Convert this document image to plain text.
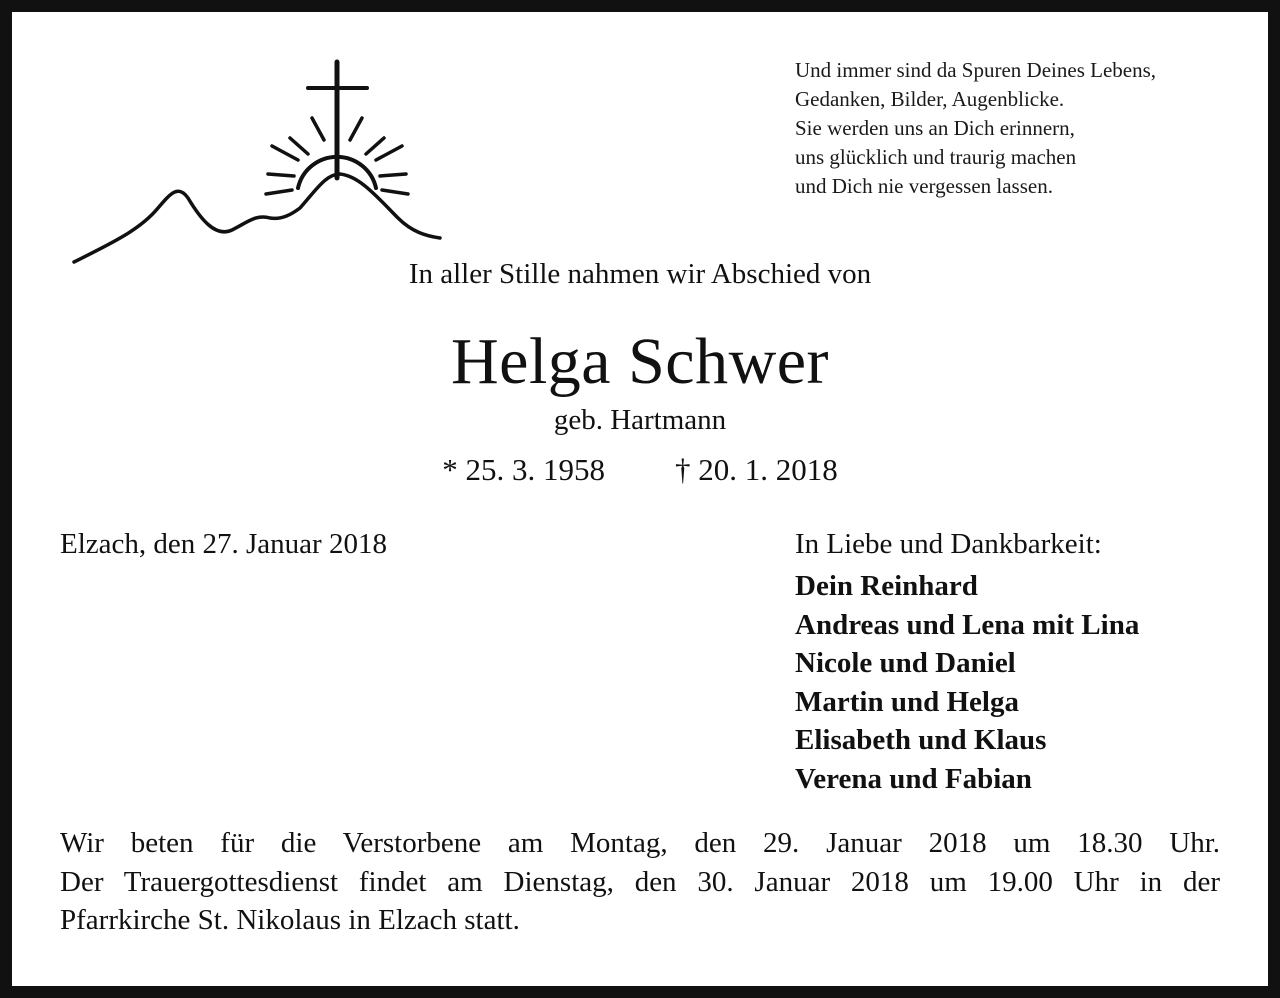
Und immer sind da Spuren Deines Lebens,
Gedanken, Bilder, Augenblicke.
Sie werden uns an Dich erinnern,
uns glücklich und traurig machen
und Dich nie vergessen lassen.
In aller Stille nahmen wir Abschied von
Helga Schwer
geb. Hartmann
* 25. 3. 1958 † 20. 1. 2018
Elzach, den 27. Januar 2018	In Liebe und Dankbarkeit:
Dein Reinhard
Andreas und Lena mit Lina
Nicole und Daniel
Martin und Helga
Elisabeth und Klaus
Verena und Fabian
Wir beten für die Verstorbene am Montag, den 29. Januar 2018 um 18.30 Uhr.
Der Trauergottesdienst findet am Dienstag, den 30. Januar 2018 um 19.00 Uhr in der
Pfarrkirche St. Nikolaus in Elzach statt.
